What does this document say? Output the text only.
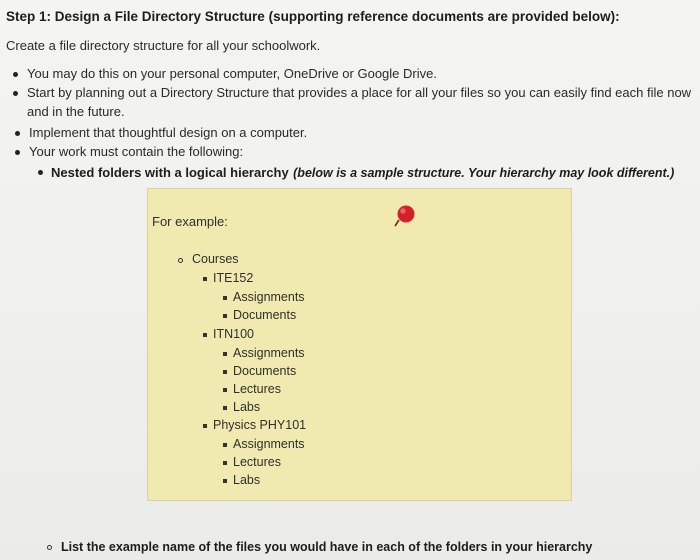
Step 1: Design a File Directory Structure (supporting reference documents are provided below):
Create a file directory structure for all your schoolwork.
You may do this on your personal computer, OneDrive or Google Drive.
Start by planning out a Directory Structure that provides a place for all your files so you can easily find each file now
and in the future.
Implement that thoughtful design on a computer.
Your work must contain the following:
Nested folders with a logical hierarchy (below is a sample structure. Your hierarchy may look different.)
For example:
Courses
ITE152
Assignments
Documents
ITN100
Assignments
Documents
Lectures
Labs
Physics PHY101
Assignments
Lectures
Labs
List the example name of the files you would have in each of the folders in your hierarchy
